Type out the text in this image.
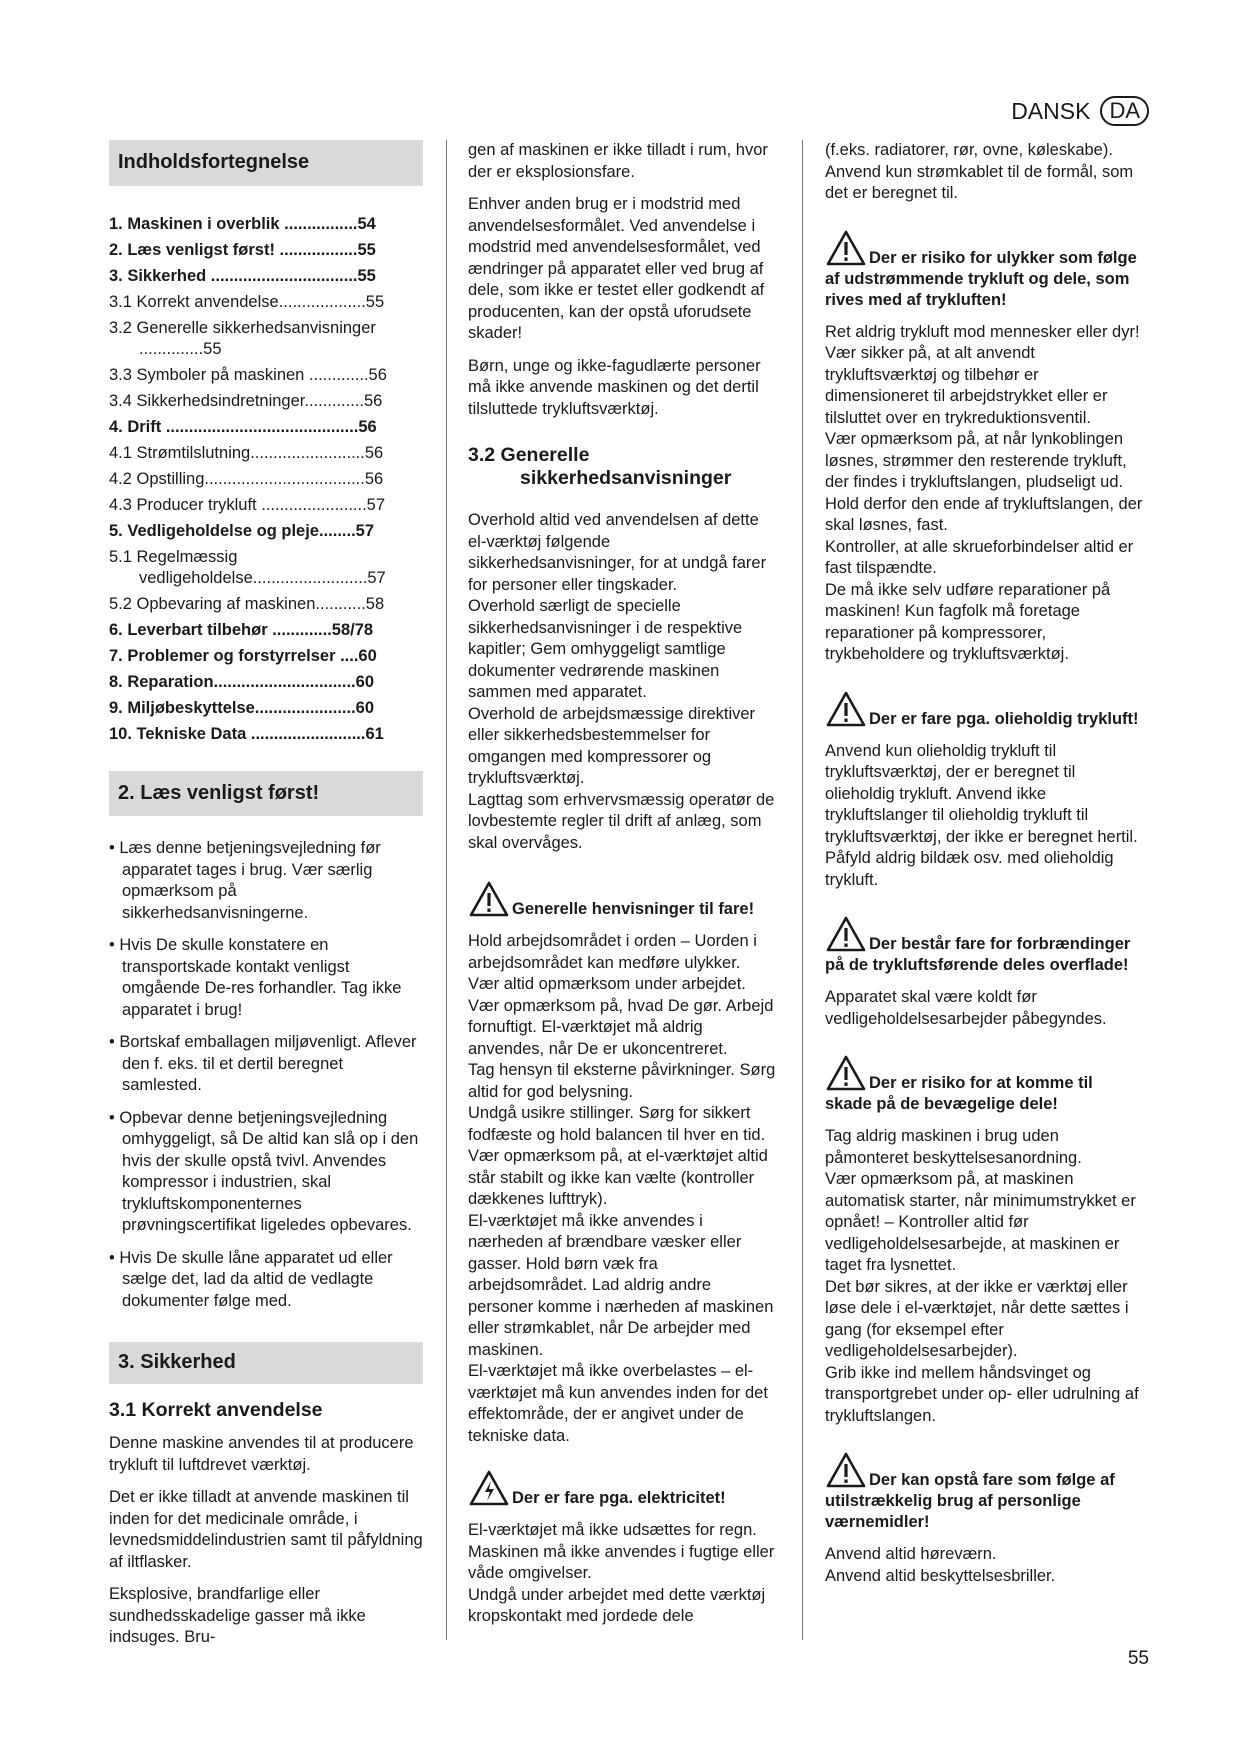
DANSK DA
Indholdsfortegnelse
1. Maskinen i overblik ................54
2. Læs venligst først! .................55
3. Sikkerhed ................................55
3.1 Korrekt anvendelse...................55
3.2 Generelle sikkerhedsanvisninger ..............55
3.3 Symboler på maskinen .............56
3.4 Sikkerhedsindretninger.............56
4. Drift ..........................................56
4.1 Strømtilslutning.........................56
4.2 Opstilling...................................56
4.3 Producer trykluft .......................57
5. Vedligeholdelse og pleje........57
5.1 Regelmæssig vedligeholdelse.........................57
5.2 Opbevaring af maskinen...........58
6. Leverbart tilbehør .............58/78
7. Problemer og forstyrrelser ....60
8. Reparation...............................60
9. Miljøbeskyttelse......................60
10. Tekniske Data .........................61
2. Læs venligst først!

• Læs denne betjeningsvejledning før apparatet tages i brug. Vær særlig opmærksom på sikkerhedsanvisningerne.

• Hvis De skulle konstatere en transportskade kontakt venligst omgående De-res forhandler. Tag ikke apparatet i brug!

• Bortskaf emballagen miljøvenligt. Aflever den f. eks. til et dertil beregnet samlested.

• Opbevar denne betjeningsvejledning omhyggeligt, så De altid kan slå op i den hvis der skulle opstå tvivl. Anvendes kompressor i industrien, skal trykluftskomponenternes prøvningscertifikat ligeledes opbevares.

• Hvis De skulle låne apparatet ud eller sælge det, lad da altid de vedlagte dokumenter følge med.

3. Sikkerhed
3.1 Korrekt anvendelse

Denne maskine anvendes til at producere trykluft til luftdrevet værktøj.

Det er ikke tilladt at anvende maskinen til inden for det medicinale område, i levnedsmiddelindustrien samt til påfyldning af iltflasker.

Eksplosive, brandfarlige eller sundhedsskadelige gasser må ikke indsuges. Bru-

gen af maskinen er ikke tilladt i rum, hvor der er eksplosionsfare.

Enhver anden brug er i modstrid med anvendelsesformålet. Ved anvendelse i modstrid med anvendelsesformålet, ved ændringer på apparatet eller ved brug af dele, som ikke er testet eller godkendt af producenten, kan der opstå uforudsete skader!

Børn, unge og ikke-fagudlærte personer må ikke anvende maskinen og det dertil tilsluttede trykluftsværktøj.

3.2 Generelle sikkerhedsanvisninger

Overhold altid ved anvendelsen af dette el-værktøj følgende sikkerhedsanvisninger, for at undgå farer for personer eller tingskader.
Overhold særligt de specielle sikkerhedsanvisninger i de respektive kapitler; Gem omhyggeligt samtlige dokumenter vedrørende maskinen sammen med apparatet.
Overhold de arbejdsmæssige direktiver eller sikkerhedsbestemmelser for omgangen med kompressorer og trykluftsværktøj.
Lagttag som erhvervsmæssig operatør de lovbestemte regler til drift af anlæg, som skal overvåges.

Generelle henvisninger til fare!

Hold arbejdsområdet i orden – Uorden i arbejdsområdet kan medføre ulykker.
Vær altid opmærksom under arbejdet. Vær opmærksom på, hvad De gør. Arbejd fornuftigt. El-værktøjet må aldrig anvendes, når De er ukoncentreret.
Tag hensyn til eksterne påvirkninger. Sørg altid for god belysning.
Undgå usikre stillinger. Sørg for sikkert fodfæste og hold balancen til hver en tid.
Vær opmærksom på, at el-værktøjet altid står stabilt og ikke kan vælte (kontroller dækkenes lufttryk).
El-værktøjet må ikke anvendes i nærheden af brændbare væsker eller gasser. Hold børn væk fra arbejdsområdet. Lad aldrig andre personer komme i nærheden af maskinen eller strømkablet, når De arbejder med maskinen.
El-værktøjet må ikke overbelastes – el-værktøjet må kun anvendes inden for det effektområde, der er angivet under de tekniske data.

Der er fare pga. elektricitet!

El-værktøjet må ikke udsættes for regn. Maskinen må ikke anvendes i fugtige eller våde omgivelser.
Undgå under arbejdet med dette værktøj kropskontakt med jordede dele

(f.eks. radiatorer, rør, ovne, køleskabe). Anvend kun strømkablet til de formål, som det er beregnet til.

Der er risiko for ulykker som følge af udstrømmende trykluft og dele, som rives med af trykluften!

Ret aldrig trykluft mod mennesker eller dyr!
Vær sikker på, at alt anvendt trykluftsværktøj og tilbehør er dimensioneret til arbejdstrykket eller er tilsluttet over en trykreduktionsventil.
Vær opmærksom på, at når lynkoblingen løsnes, strømmer den resterende trykluft, der findes i trykluftslangen, pludseligt ud. Hold derfor den ende af trykluftslangen, der skal løsnes, fast.
Kontroller, at alle skrueforbindelser altid er fast tilspændte.
De må ikke selv udføre reparationer på maskinen! Kun fagfolk må foretage reparationer på kompressorer, trykbeholdere og trykluftsværktøj.

Der er fare pga. olieholdig trykluft!

Anvend kun olieholdig trykluft til trykluftsværktøj, der er beregnet til olieholdig trykluft. Anvend ikke trykluftslanger til olieholdig trykluft til trykluftsværktøj, der ikke er beregnet hertil. Påfyld aldrig bildæk osv. med olieholdig trykluft.

Der består fare for forbrændinger på de trykluftsførende deles overflade!

Apparatet skal være koldt før vedligeholdelsesarbejder påbegyndes.

Der er risiko for at komme til skade på de bevægelige dele!

Tag aldrig maskinen i brug uden påmonteret beskyttelsesanordning.
Vær opmærksom på, at maskinen automatisk starter, når minimumstrykket er opnået! – Kontroller altid før vedligeholdelsesarbejde, at maskinen er taget fra lysnettet.
Det bør sikres, at der ikke er værktøj eller løse dele i el-værktøjet, når dette sættes i gang (for eksempel efter vedligeholdelsesarbejder).
Grib ikke ind mellem håndsvinget og transportgrebet under op- eller udrulning af trykluftslangen.

Der kan opstå fare som følge af utilstrækkelig brug af personlige værnemidler!

Anvend altid høreværn.
Anvend altid beskyttelsesbriller.

55
